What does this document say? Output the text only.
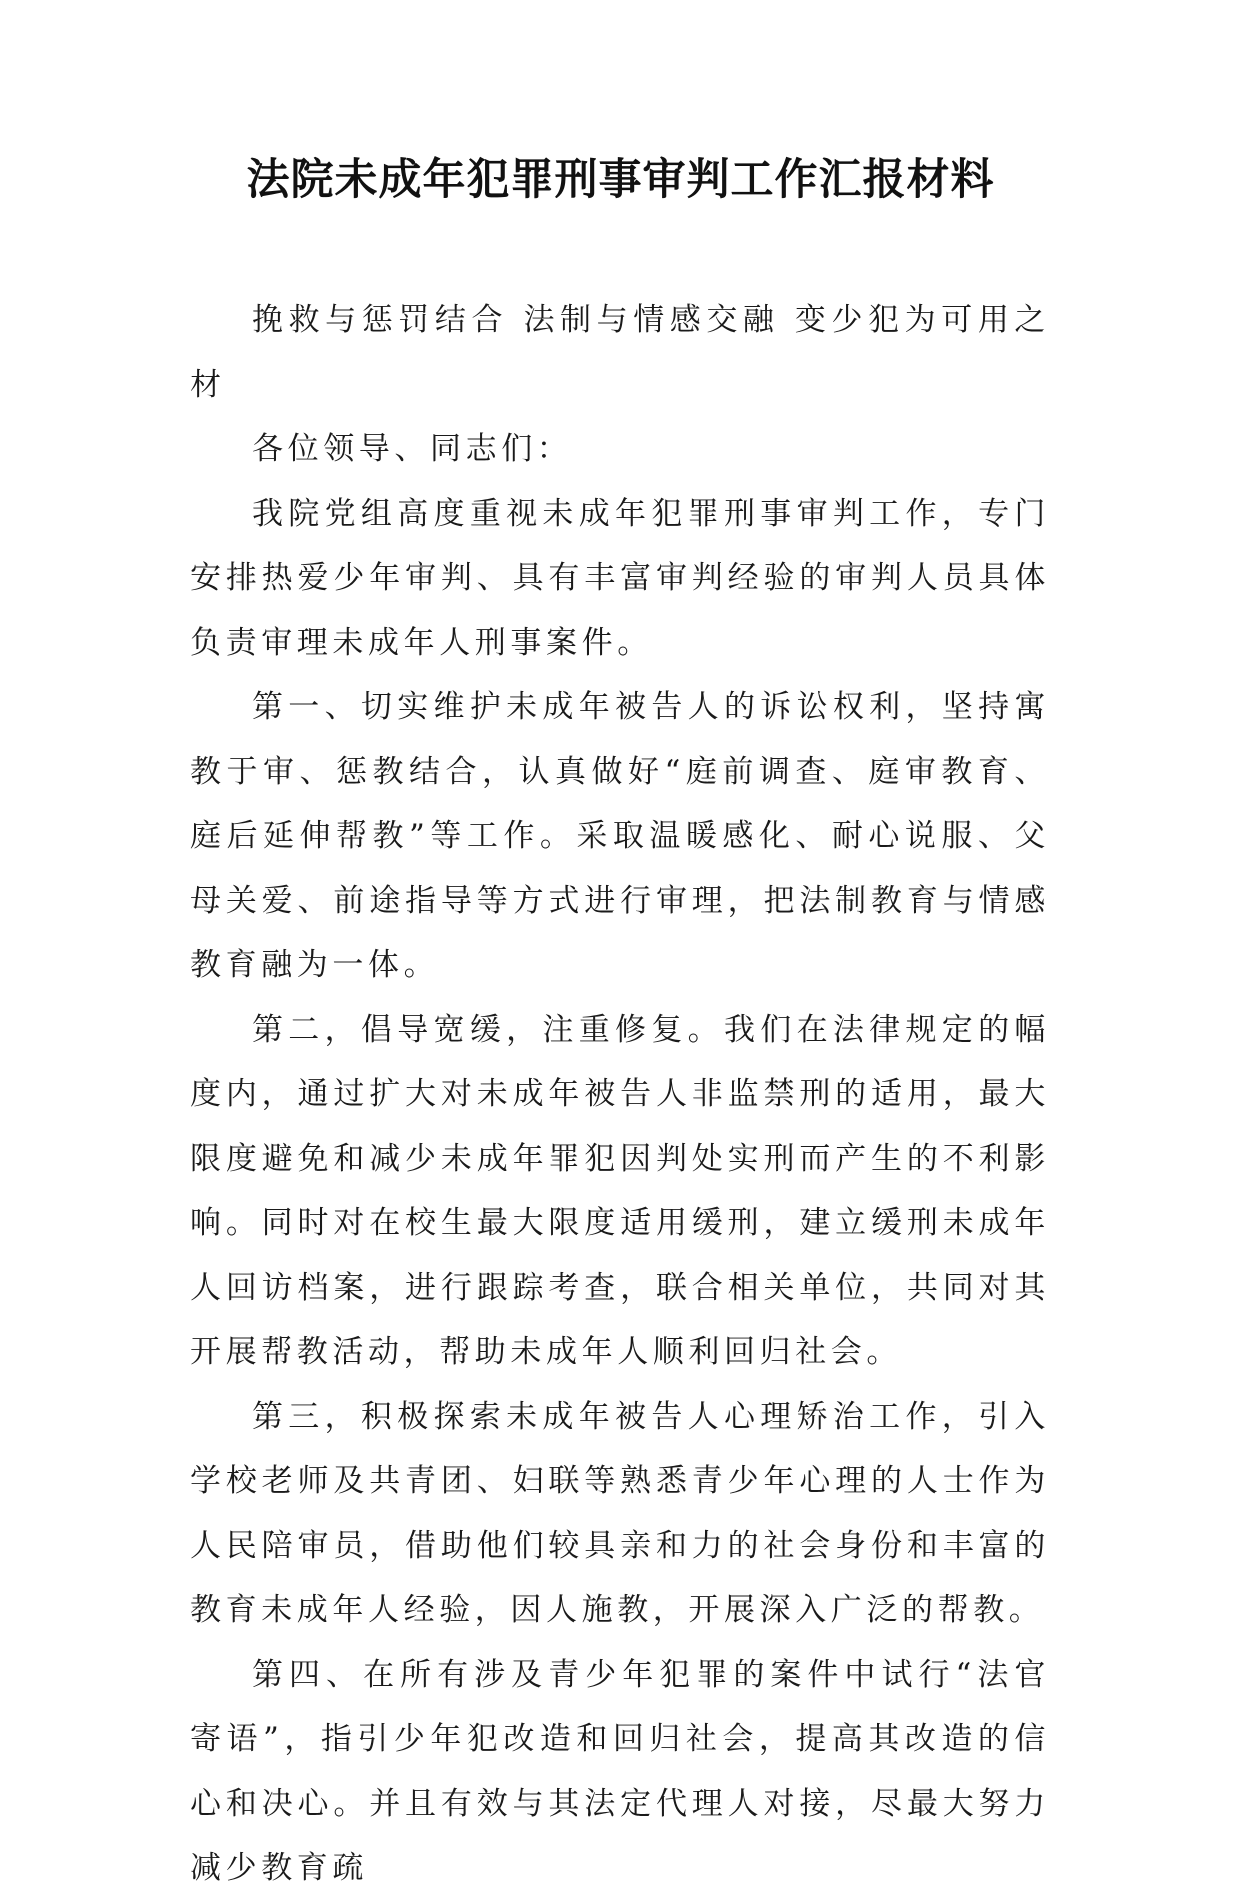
法院未成年犯罪刑事审判工作汇报材料

挽救与惩罚结合 法制与情感交融 变少犯为可用之材

各位领导、同志们：

我院党组高度重视未成年犯罪刑事审判工作，专门安排热爱少年审判、具有丰富审判经验的审判人员具体负责审理未成年人刑事案件。

第一、切实维护未成年被告人的诉讼权利，坚持寓教于审、惩教结合，认真做好“庭前调查、庭审教育、庭后延伸帮教”等工作。采取温暖感化、耐心说服、父母关爱、前途指导等方式进行审理，把法制教育与情感教育融为一体。

第二，倡导宽缓，注重修复。我们在法律规定的幅度内，通过扩大对未成年被告人非监禁刑的适用，最大限度避免和减少未成年罪犯因判处实刑而产生的不利影响。同时对在校生最大限度适用缓刑，建立缓刑未成年人回访档案，进行跟踪考查，联合相关单位，共同对其开展帮教活动，帮助未成年人顺利回归社会。

第三，积极探索未成年被告人心理矫治工作，引入学校老师及共青团、妇联等熟悉青少年心理的人士作为人民陪审员，借助他们较具亲和力的社会身份和丰富的教育未成年人经验，因人施教，开展深入广泛的帮教。

第四、在所有涉及青少年犯罪的案件中试行“法官寄语”，指引少年犯改造和回归社会，提高其改造的信心和决心。并且有效与其法定代理人对接，尽最大努力减少教育疏
